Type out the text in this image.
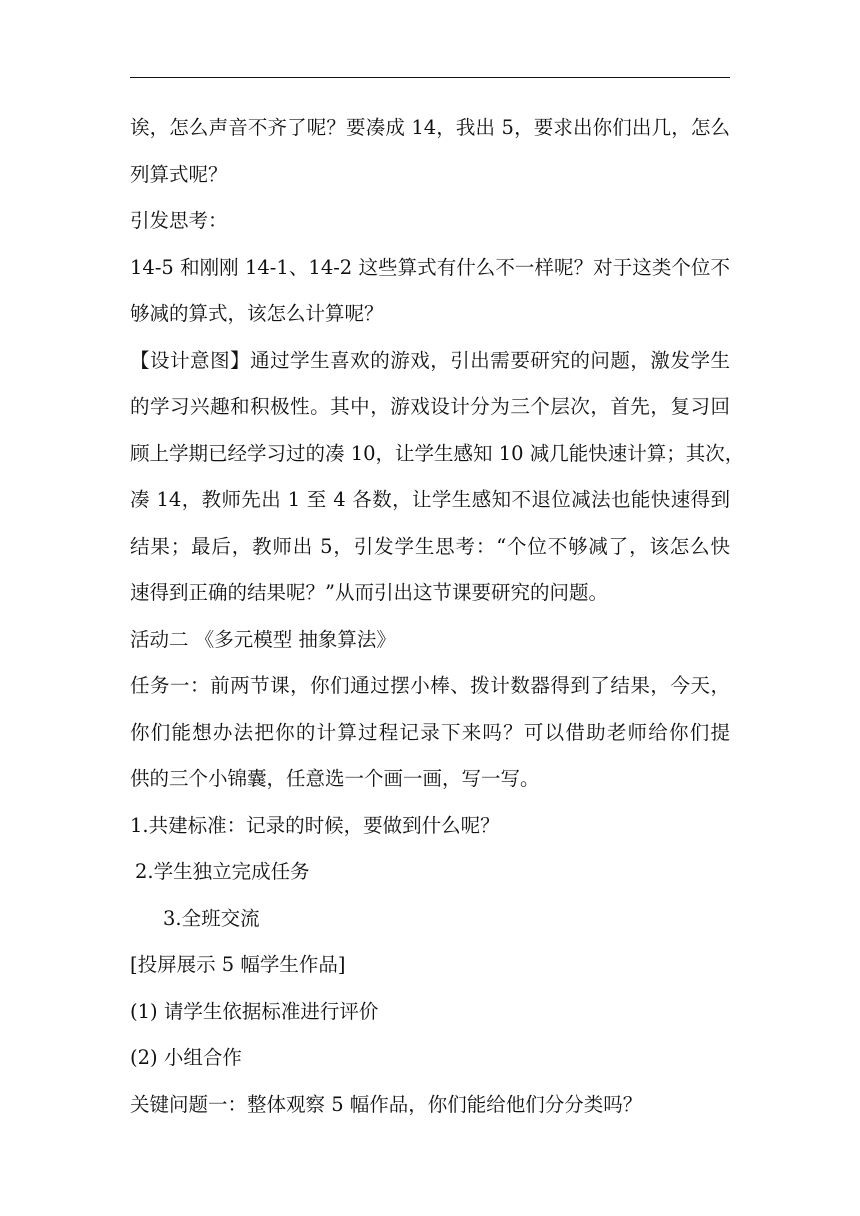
诶，怎么声音不齐了呢？要凑成 14，我出 5，要求出你们出几，怎么
列算式呢？
引发思考：
14-5 和刚刚 14-1、14-2 这些算式有什么不一样呢？对于这类个位不
够减的算式，该怎么计算呢？
【设计意图】通过学生喜欢的游戏，引出需要研究的问题，激发学生
的学习兴趣和积极性。其中，游戏设计分为三个层次，首先，复习回
顾上学期已经学习过的凑 10，让学生感知 10 减几能快速计算；其次，
凑 14，教师先出 1 至 4 各数，让学生感知不退位减法也能快速得到
结果；最后，教师出 5，引发学生思考：“个位不够减了，该怎么快
速得到正确的结果呢？”从而引出这节课要研究的问题。
活动二 《多元模型 抽象算法》
任务一：前两节课，你们通过摆小棒、拨计数器得到了结果，今天，
你们能想办法把你的计算过程记录下来吗？可以借助老师给你们提
供的三个小锦囊，任意选一个画一画，写一写。
1.共建标准：记录的时候，要做到什么呢？
2.学生独立完成任务
3.全班交流
[投屏展示 5 幅学生作品]
(1) 请学生依据标准进行评价
(2) 小组合作
关键问题一：整体观察 5 幅作品，你们能给他们分分类吗？
